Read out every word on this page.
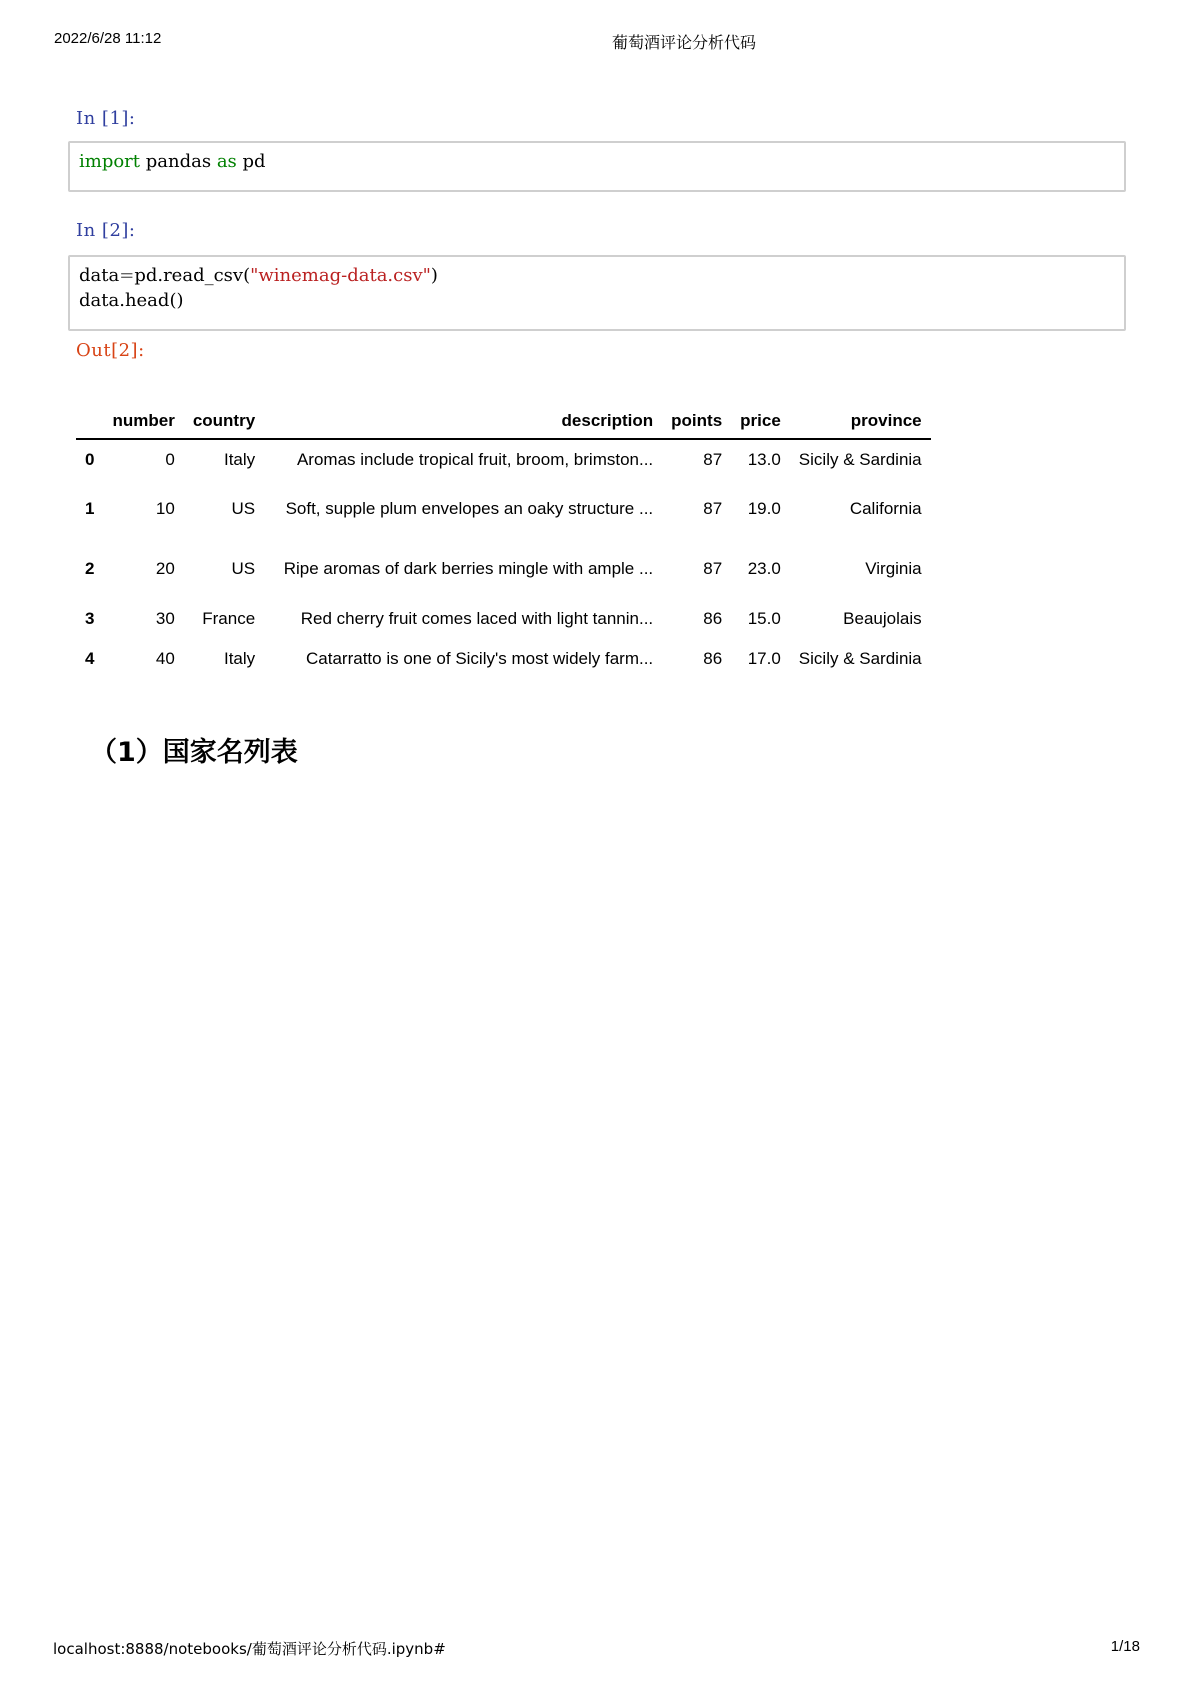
2022/6/28 11:12	葡萄酒评论分析代码
localhost:8888/notebooks/葡萄酒评论分析代码.ipynb#	1/18
In [1]:
import pandas as pd
In [2]:
data=pd.read_csv("winemag-data.csv")
data.head()
Out[2]:
	number	country	description	points	price	province
0	0	Italy	Aromas include tropical fruit, broom, brimston...	87	13.0	Sicily & Sardinia
1	10	US	Soft, supple plum envelopes an oaky structure ...	87	19.0	California
2	20	US	Ripe aromas of dark berries mingle with ample ...	87	23.0	Virginia
3	30	France	Red cherry fruit comes laced with light tannin...	86	15.0	Beaujolais
4	40	Italy	Catarratto is one of Sicily's most widely farm...	86	17.0	Sicily & Sardinia
（1）国家名列表
